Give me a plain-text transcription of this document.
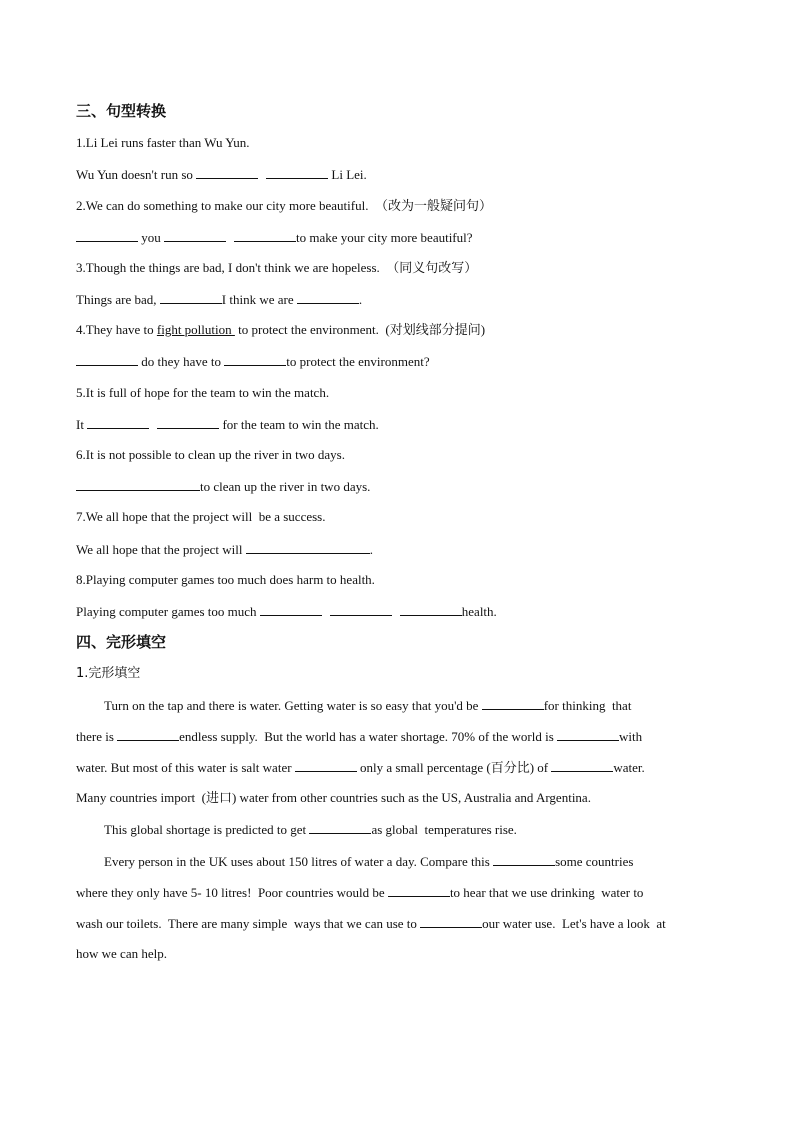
三、句型转换
1.Li Lei runs faster than Wu Yun.
Wu Yun doesn't run so	Li Lei.
2.We can do something to make our city more beautiful.  （改为一般疑问句）
you	to make your city more beautiful?
3.Though the things are bad, I don't think we are hopeless.  （同义句改写）
Things are bad,	I think we are	.
4.They have to fight pollution  to protect the environment.  (对划线部分提问)
do they have to	to protect the environment?
5.It is full of hope for the team to win the match.
It	for the team to win the match.
6.It is not possible to clean up the river in two days.
to clean up the river in two days.
7.We all hope that the project will  be a success.
We all hope that the project will	.
8.Playing computer games too much does harm to health.
Playing computer games too much	health.
四、完形填空
1.完形填空
Turn on the tap and there is water. Getting water is so easy that you'd be	for thinking  that
there is	endless supply.  But the world has a water shortage. 70% of the world is	with
water. But most of this water is salt water	only a small percentage (百分比) of	water.
Many countries import  (进口) water from other countries such as the US, Australia and Argentina.
This global shortage is predicted to get	as global  temperatures rise.
Every person in the UK uses about 150 litres of water a day. Compare this	some countries
where they only have 5- 10 litres!  Poor countries would be	to hear that we use drinking  water to
wash our toilets.  There are many simple  ways that we can use to	our water use.  Let's have a look  at
how we can help.
